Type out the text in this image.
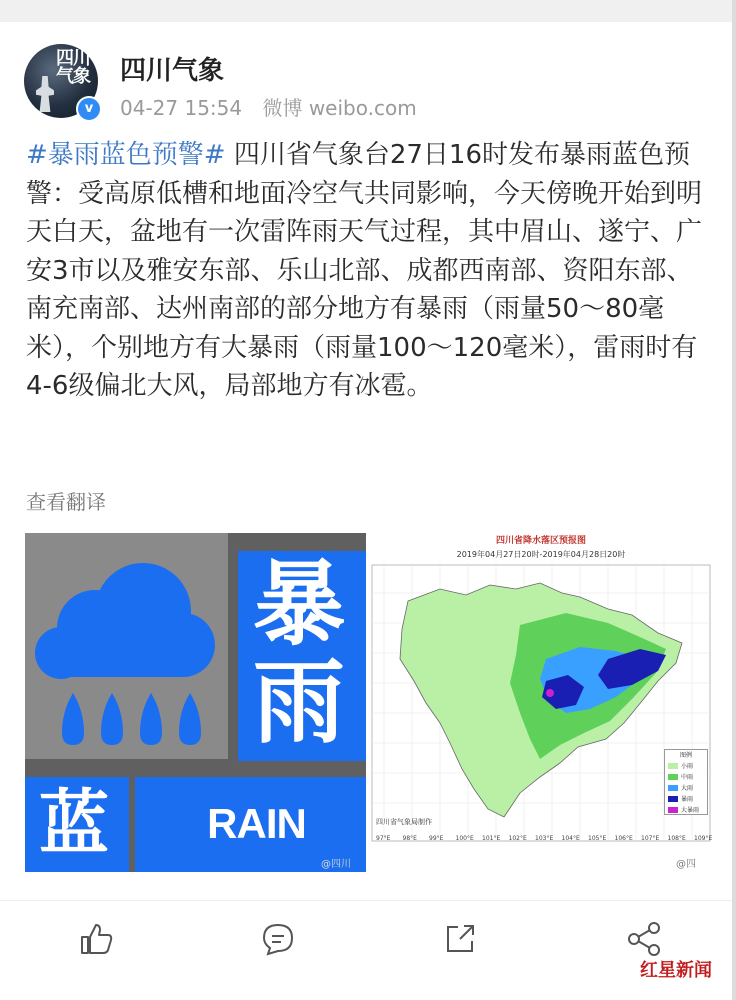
四川
气象
v
四川气象
04-27 15:54 微博 weibo.com
#暴雨蓝色预警# 四川省气象台27日16时发布暴雨蓝色预警：受高原低槽和地面冷空气共同影响，今天傍晚开始到明天白天，盆地有一次雷阵雨天气过程，其中眉山、遂宁、广安3市以及雅安东部、乐山北部、成都西南部、资阳东部、南充南部、达州南部的部分地方有暴雨（雨量50～80毫米），个别地方有大暴雨（雨量100～120毫米），雷雨时有4-6级偏北大风，局部地方有冰雹。
查看翻译
暴
雨
蓝	RAIN STORM
@四川
四川省降水落区预报图
2019年04月27日20时-2019年04月28日20时
图例
小雨
中雨
大雨
暴雨
大暴雨
四川省气象局制作
97°E 98°E 99°E 100°E 101°E 102°E 103°E 104°E 105°E 106°E 107°E 108°E 109°E
@四
红星新闻
